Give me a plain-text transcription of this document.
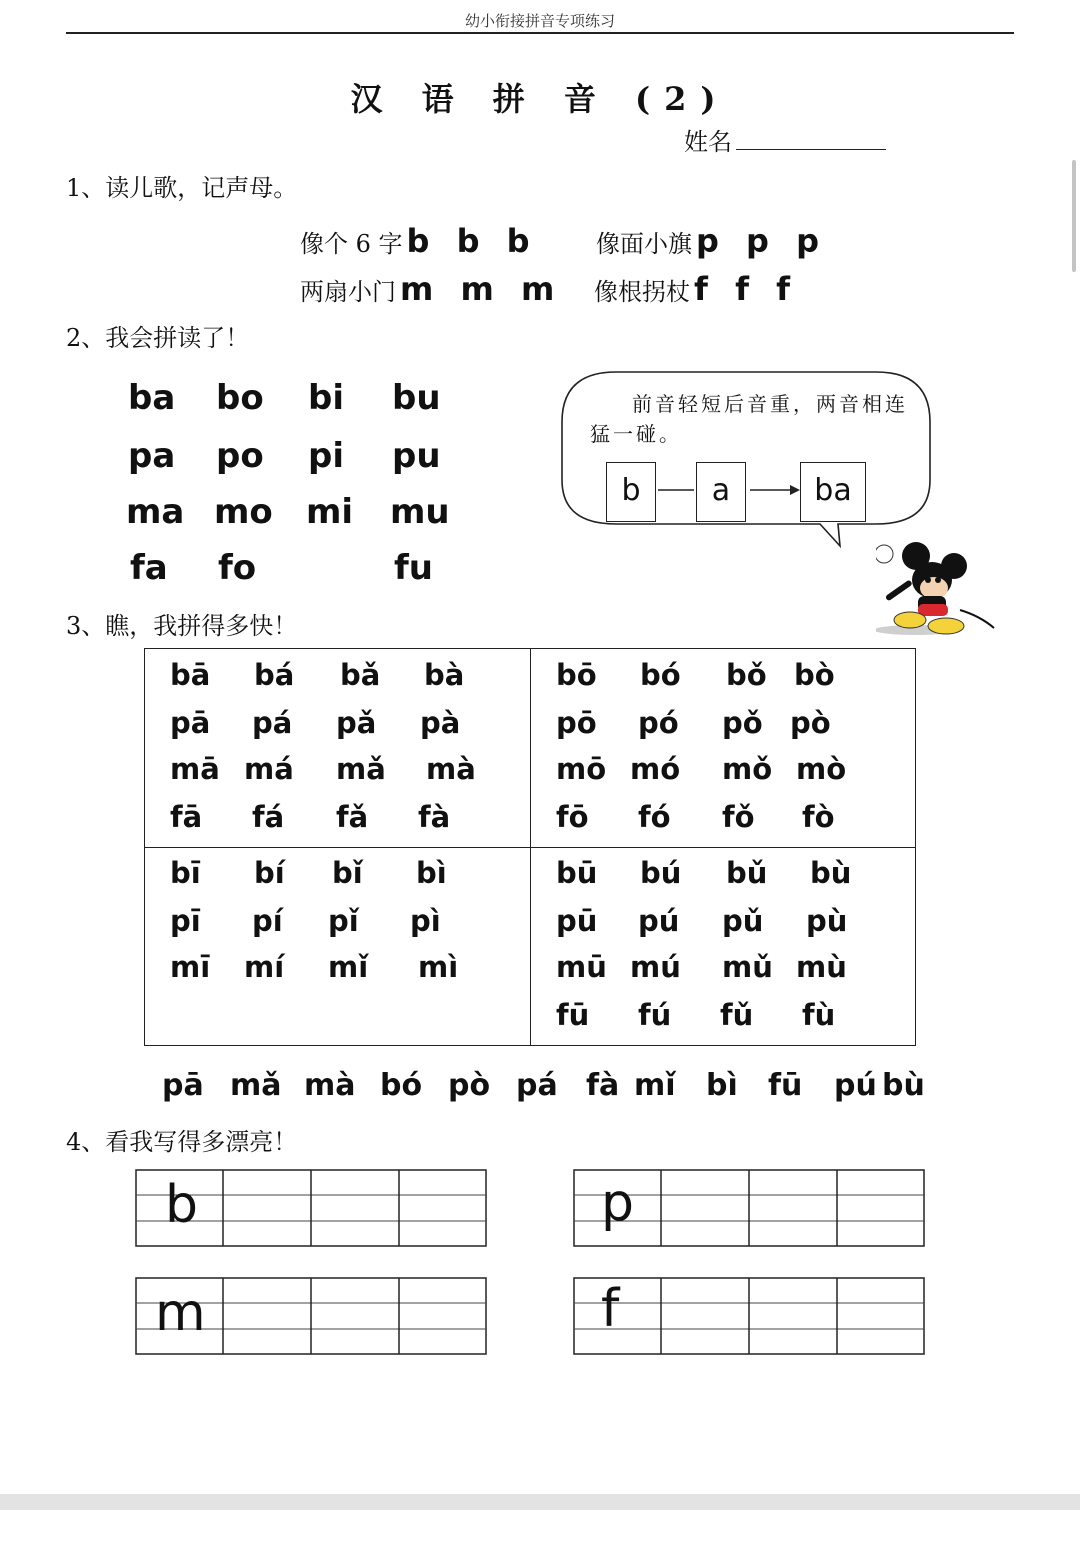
幼小衔接拼音专项练习
汉 语 拼 音 (2)
姓名
1、读儿歌，记声母。
像个 6 字 b b b 像面小旗 p p p
两扇小门 m m m 像根拐杖 f f f
2、我会拼读了！
ba bo bi bu
pa po pi pu
ma mo mi mu
fa fo	fu
前音轻短后音重，两音相连
猛一碰。
b	a	ba
3、瞧，我拼得多快！
bā bá bǎ bà
pā pá pǎ pà
mā má mǎ mà
fā fá fǎ fà
bō bó bǒ bò
pō pó pǒ pò
mō mó mǒ mò
fō fó fǒ fò
bī bí bǐ bì
pī pí pǐ pì
mī mí mǐ mì
bū bú bǔ bù
pū pú pǔ pù
mū mú mǔ mù
fū fú fǔ fù
pā mǎ mà bó pò pá fà mǐ bì fū pú bù
4、看我写得多漂亮！
b	p
m	f
